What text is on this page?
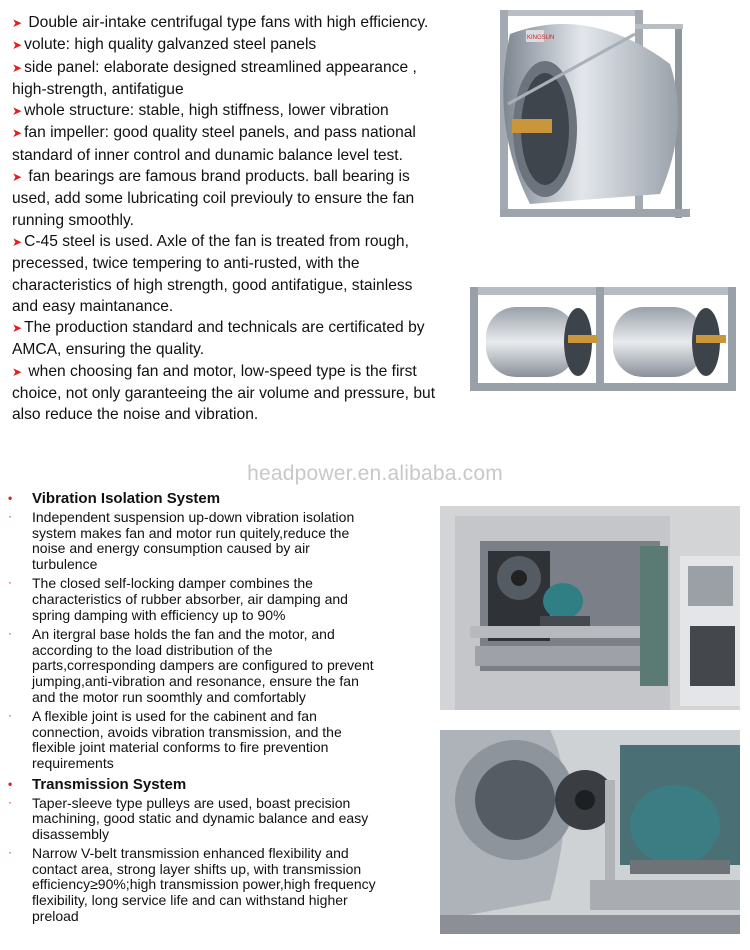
➤ Double air-intake centrifugal type fans with high efficiency.

➤ volute: high quality galvanzed steel panels

➤ side panel: elaborate designed streamlined appearance , high-strength, antifatigue

➤ whole structure: stable, high stiffness, lower vibration

➤ fan impeller: good quality steel panels, and pass national standard of inner control and dunamic balance level test.

➤ fan bearings are famous brand products. ball bearing is used, add some lubricating coil previouly to ensure the fan running smoothly.

➤ C-45 steel is used. Axle of the fan is treated from rough, precessed, twice tempering to anti-rusted, with the characteristics of high strength, good antifatigue, stainless and easy maintanance.

➤ The production standard and technicals are certificated by AMCA, ensuring the quality.

➤ when choosing fan and motor, low-speed type is the first choice, not only garanteeing the air volume and pressure, but also reduce the noise and vibration.

KINGSUN
headpower.en.alibaba.com
• Vibration Isolation System
· Independent suspension up-down vibration isolation system makes fan and motor run quitely,reduce the noise and energy consumption caused by air turbulence
· The closed self-locking damper combines the characteristics of rubber absorber, air damping and spring damping with efficiency up to 90%
· An itergral base holds the fan and the motor, and according to the load distribution of the parts,corresponding dampers are configured to prevent jumping,anti-vibration and resonance, ensure the fan and the motor run soomthly and comfortably
· A flexible joint is used for the cabinent and fan connection, avoids vibration transmission, and the flexible joint material conforms to fire prevention requirements
• Transmission System
· Taper-sleeve type pulleys are used, boast precision machining, good static and dynamic balance and easy disassembly
· Narrow V-belt transmission enhanced flexibility and contact area, strong layer shifts up, with transmission efficiency≥90%;high transmission power,high frequency flexibility, long service life and can withstand higher preload
